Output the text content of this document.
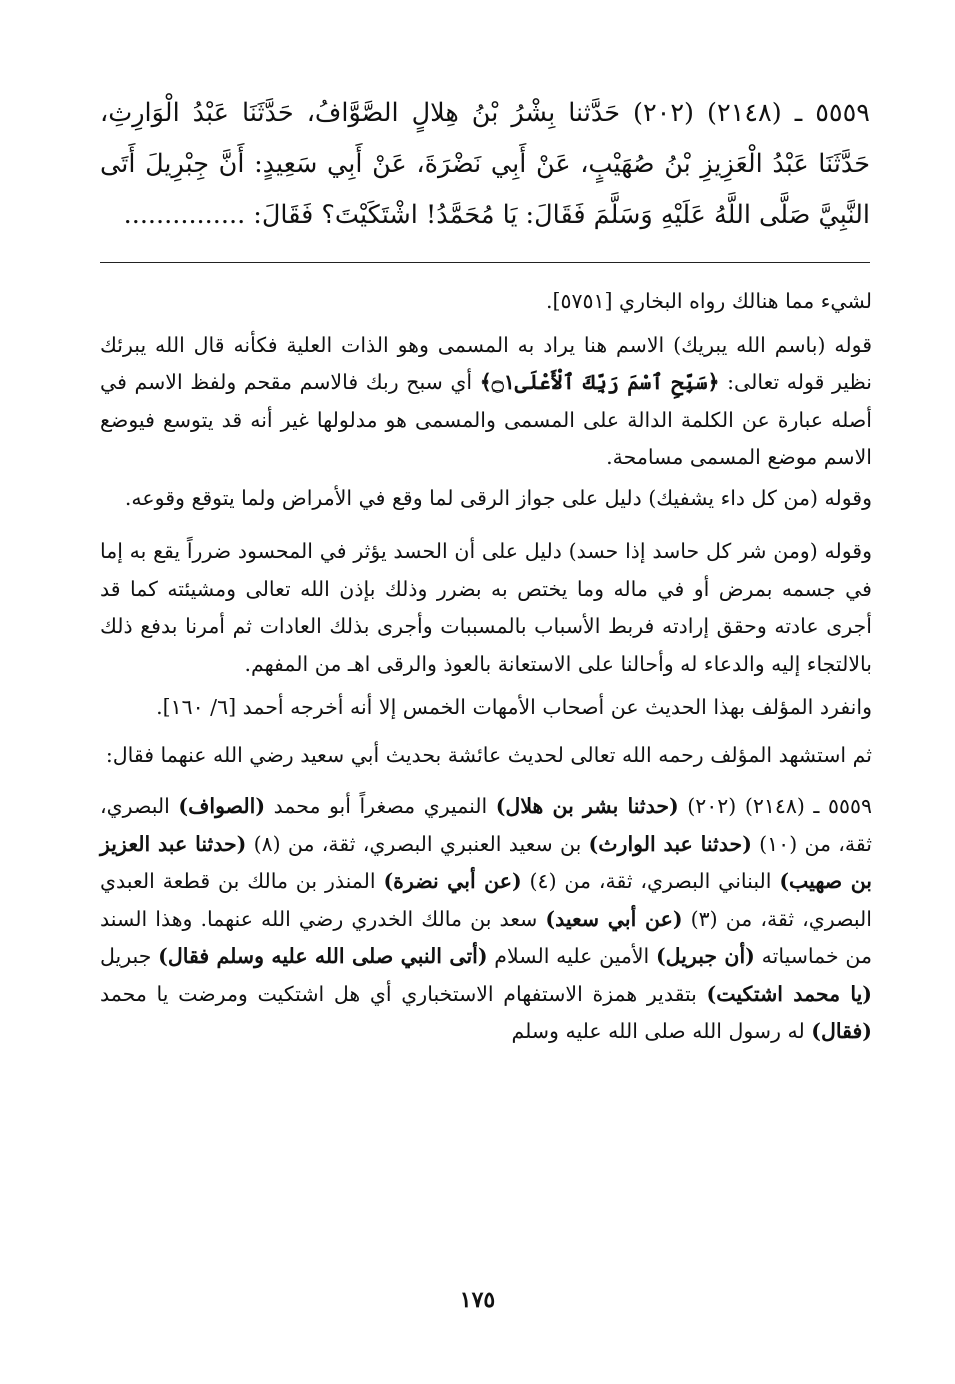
٥٥٥٩ ـ (٢١٤٨) (٢٠٢) حَدَّثنا بِشْرُ بْنُ هِلالٍ الصَّوَّافُ، حَدَّثَنَا عَبْدُ الْوَارِثِ، حَدَّثَنَا عَبْدُ الْعَزِيزِ بْنُ صُهَيْبٍ، عَنْ أَبِي نَضْرَةَ، عَنْ أَبِي سَعِيدٍ: أَنَّ جِبْرِيلَ أَتَى النَّبِيَّ صَلَّى اللَّهُ عَلَيْهِ وَسَلَّمَ فَقَالَ: يَا مُحَمَّدُ! اشْتَكَيْتَ؟ فَقَالَ: ...............

لشيء مما هنالك رواه البخاري [٥٧٥١].

قوله (باسم الله يبريك) الاسم هنا يراد به المسمى وهو الذات العلية فكأنه قال الله يبرئك نظير قوله تعالى: ﴿سَبِّحِ ٱسْمَ رَبِّكَ ٱلْأَعْلَى۝١﴾ أي سبح ربك فالاسم مقحم ولفظ الاسم في أصله عبارة عن الكلمة الدالة على المسمى والمسمى هو مدلولها غير أنه قد يتوسع فيوضع الاسم موضع المسمى مسامحة.

وقوله (من كل داء يشفيك) دليل على جواز الرقى لما وقع في الأمراض ولما يتوقع وقوعه.

وقوله (ومن شر كل حاسد إذا حسد) دليل على أن الحسد يؤثر في المحسود ضرراً يقع به إما في جسمه بمرض أو في ماله وما يختص به بضرر وذلك بإذن الله تعالى ومشيئته كما قد أجرى عادته وحقق إرادته فربط الأسباب بالمسببات وأجرى بذلك العادات ثم أمرنا بدفع ذلك بالالتجاء إليه والدعاء له وأحالنا على الاستعانة بالعوذ والرقى اهـ من المفهم.

وانفرد المؤلف بهذا الحديث عن أصحاب الأمهات الخمس إلا أنه أخرجه أحمد [٦/ ١٦٠].

ثم استشهد المؤلف رحمه الله تعالى لحديث عائشة بحديث أبي سعيد رضي الله عنهما فقال:

٥٥٥٩ ـ (٢١٤٨) (٢٠٢) (حدثنا بشر بن هلال) النميري مصغراً أبو محمد (الصواف) البصري، ثقة، من (١٠) (حدثنا عبد الوارث) بن سعيد العنبري البصري، ثقة، من (٨) (حدثنا عبد العزيز بن صهيب) البناني البصري، ثقة، من (٤) (عن أبي نضرة) المنذر بن مالك بن قطعة العبدي البصري، ثقة، من (٣) (عن أبي سعيد) سعد بن مالك الخدري رضي الله عنهما. وهذا السند من خماسياته (أن جبريل) الأمين عليه السلام (أتى النبي صلى الله عليه وسلم فقال) جبريل (يا محمد اشتكيت) بتقدير همزة الاستفهام الاستخباري أي هل اشتكيت ومرضت يا محمد (فقال) له رسول الله صلى الله عليه وسلم

١٧٥
